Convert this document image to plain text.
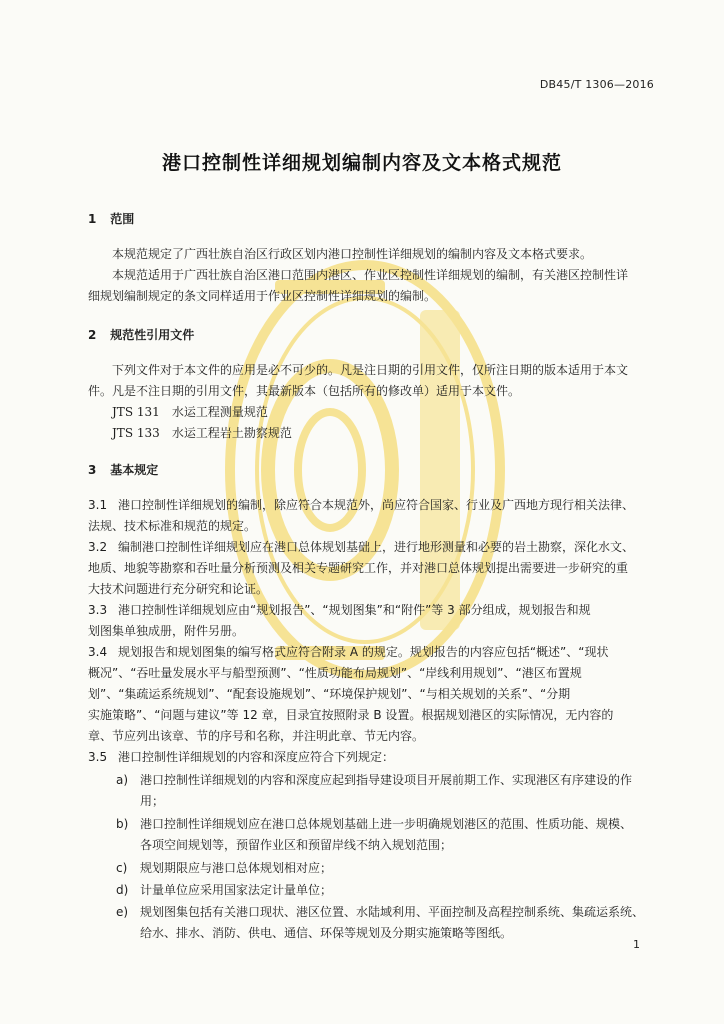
DB45/T 1306—2016
港口控制性详细规划编制内容及文本格式规范
1 范围
本规范规定了广西壮族自治区行政区划内港口控制性详细规划的编制内容及文本格式要求。
本规范适用于广西壮族自治区港口范围内港区、作业区控制性详细规划的编制，有关港区控制性详
细规划编制规定的条文同样适用于作业区控制性详细规划的编制。
2 规范性引用文件
下列文件对于本文件的应用是必不可少的。凡是注日期的引用文件，仅所注日期的版本适用于本文
件。凡是不注日期的引用文件，其最新版本（包括所有的修改单）适用于本文件。
JTS 131 水运工程测量规范
JTS 133 水运工程岩土勘察规范
3 基本规定
3.1 港口控制性详细规划的编制，除应符合本规范外，尚应符合国家、行业及广西地方现行相关法律、
法规、技术标准和规范的规定。
3.2 编制港口控制性详细规划应在港口总体规划基础上，进行地形测量和必要的岩土勘察，深化水文、
地质、地貌等勘察和吞吐量分析预测及相关专题研究工作，并对港口总体规划提出需要进一步研究的重
大技术问题进行充分研究和论证。
3.3 港口控制性详细规划应由“规划报告”、“规划图集”和“附件”等 3 部分组成，规划报告和规
划图集单独成册，附件另册。
3.4 规划报告和规划图集的编写格式应符合附录 A 的规定。规划报告的内容应包括“概述”、“现状
概况”、“吞吐量发展水平与船型预测”、“性质功能布局规划”、“岸线利用规划”、“港区布置规
划”、“集疏运系统规划”、“配套设施规划”、“环境保护规划”、“与相关规划的关系”、“分期
实施策略”、“问题与建议”等 12 章，目录宜按照附录 B 设置。根据规划港区的实际情况，无内容的
章、节应列出该章、节的序号和名称，并注明此章、节无内容。
3.5 港口控制性详细规划的内容和深度应符合下列规定：
a) 港口控制性详细规划的内容和深度应起到指导建设项目开展前期工作、实现港区有序建设的作
用；
b) 港口控制性详细规划应在港口总体规划基础上进一步明确规划港区的范围、性质功能、规模、
各项空间规划等，预留作业区和预留岸线不纳入规划范围；
c) 规划期限应与港口总体规划相对应；
d) 计量单位应采用国家法定计量单位；
e) 规划图集包括有关港口现状、港区位置、水陆域利用、平面控制及高程控制系统、集疏运系统、
给水、排水、消防、供电、通信、环保等规划及分期实施策略等图纸。
1
